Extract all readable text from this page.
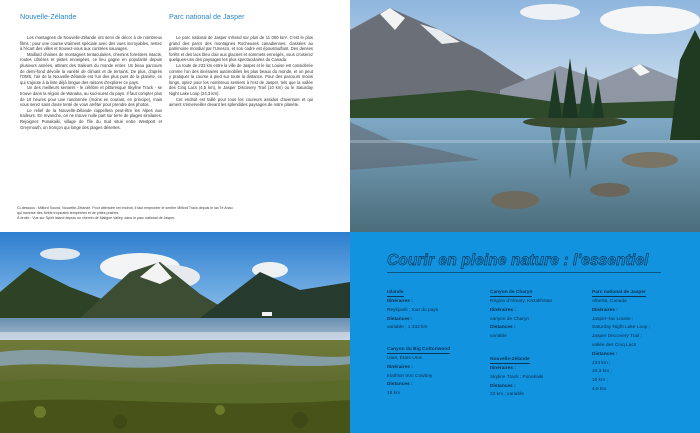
Nouvelle-Zélande

Les montagnes de Nouvelle-Zélande ont servi de décor à de nombreux films ; pour une course vraiment spéciale avec des vues incroyables, restez à l'écart des villes et trouvez-vous aux contrées sauvages.

Maillard chaines de montagnes tentaculaires, chemins forestiers intacts, routes côtières et pistes enneigées, ce lieu gagne en popularité depuis plusieurs années, attirant des traileurs du monde entier. Un beau parcours de demi-fond dévoile la variété de climats et de terrains. De plus, d'après l'OMS, l'air de la Nouvelle-Zélande est l'un des plus purs de la planète, ce qui s'ajoute à la liste déjà longue des raisons d'explorer ce pays.

Un des meilleurs sentiers - le célèbre et pittoresque Skyline Track - se trouve dans la région de Wanaka, au sud-ouest du pays. Il faut compter plus de 10 heures pour une randonnée (moins en courant, en principe), mais vous serez sans doute tenté de vous arrêter pour prendre des photos.

Le relief de la Nouvelle-Zélande rappellera peut-être les Alpes aux traileurs. En revanche, on ne trouve nulle part sur terre de plages similaires. Rejoignez Punakaiki, village de l'île du Sud situé entre Westport et Greymouth, un tronçon qui longe des plages désertes.

Parc national de Jasper

Le parc national de Jasper s'étend sur plus de 11 000 km². C'est le plus grand des parcs des montagnes Rocheuses canadiennes, classées au patrimoine mondial par l'Unesco, et son cadre est époustouflant. Des denses forêts et des lacs bleu clair aux glaciers et sommets enneigés, vous croiserez quelques-uns des paysages les plus spectaculaires du Canada.

La route de 233 km entre la ville de Jasper et le lac Louise est considérée comme l'un des itinéraires automobiles les plus beaux du monde, et on peut y pratiquer la course à pied sur toute la distance. Pour des parcours moins longs, optez pour les nombreux sentiers à l'est de Jasper, tels que la vallée des Cinq Lacs (4,5 km), le Jasper Discovery Trail (10 km) ou le Saturday Night Lake Loop (24,3 km).

Cet endroit est taillé pour tous les coureurs assidus d'aventure et qui aiment s'émerveiller devant les splendides paysages de notre planète.

Ci-dessous : Milford Sound, Nouvelle-Zélande. Pour atteindre cet endroit, il faut emprunter le sentier Milford Track depuis le lac Te Anau
qui traverse des forêts tropicales tempérées et de pittes prairies.
À droite : Vue sur Spirit Island depuis un chemin de Maligne Valley, dans le parc national de Jasper.
Courir en pleine nature : l'essentiel
Islande
Itinéraires :
Reykjavík ; tour du pays
Distances :
variable ; 1 332 km
Canyon du Big Cottonwood
Utah, États-Unis
Itinéraires :
triathlon Iron Cowboy
Distances :
18 km
Canyon de Charyn
Région d'Almaty, Kazakhstan
Itinéraires :
canyon de Charyn
Distances :
variable
Nouvelle-Zélande
Itinéraires :
Skyline Track ; Punakaiki
Distances :
23 km ; variable
Parc national de Jasper
Alberta, Canada
Itinéraires :
Jasper–lac Louise ;
Saturday Night Lake Loop ;
Jasper Discovery Trail ;
vallée des Cinq Lacs
Distances :
233 km ;
24,3 km ;
10 km ;
4,5 km
